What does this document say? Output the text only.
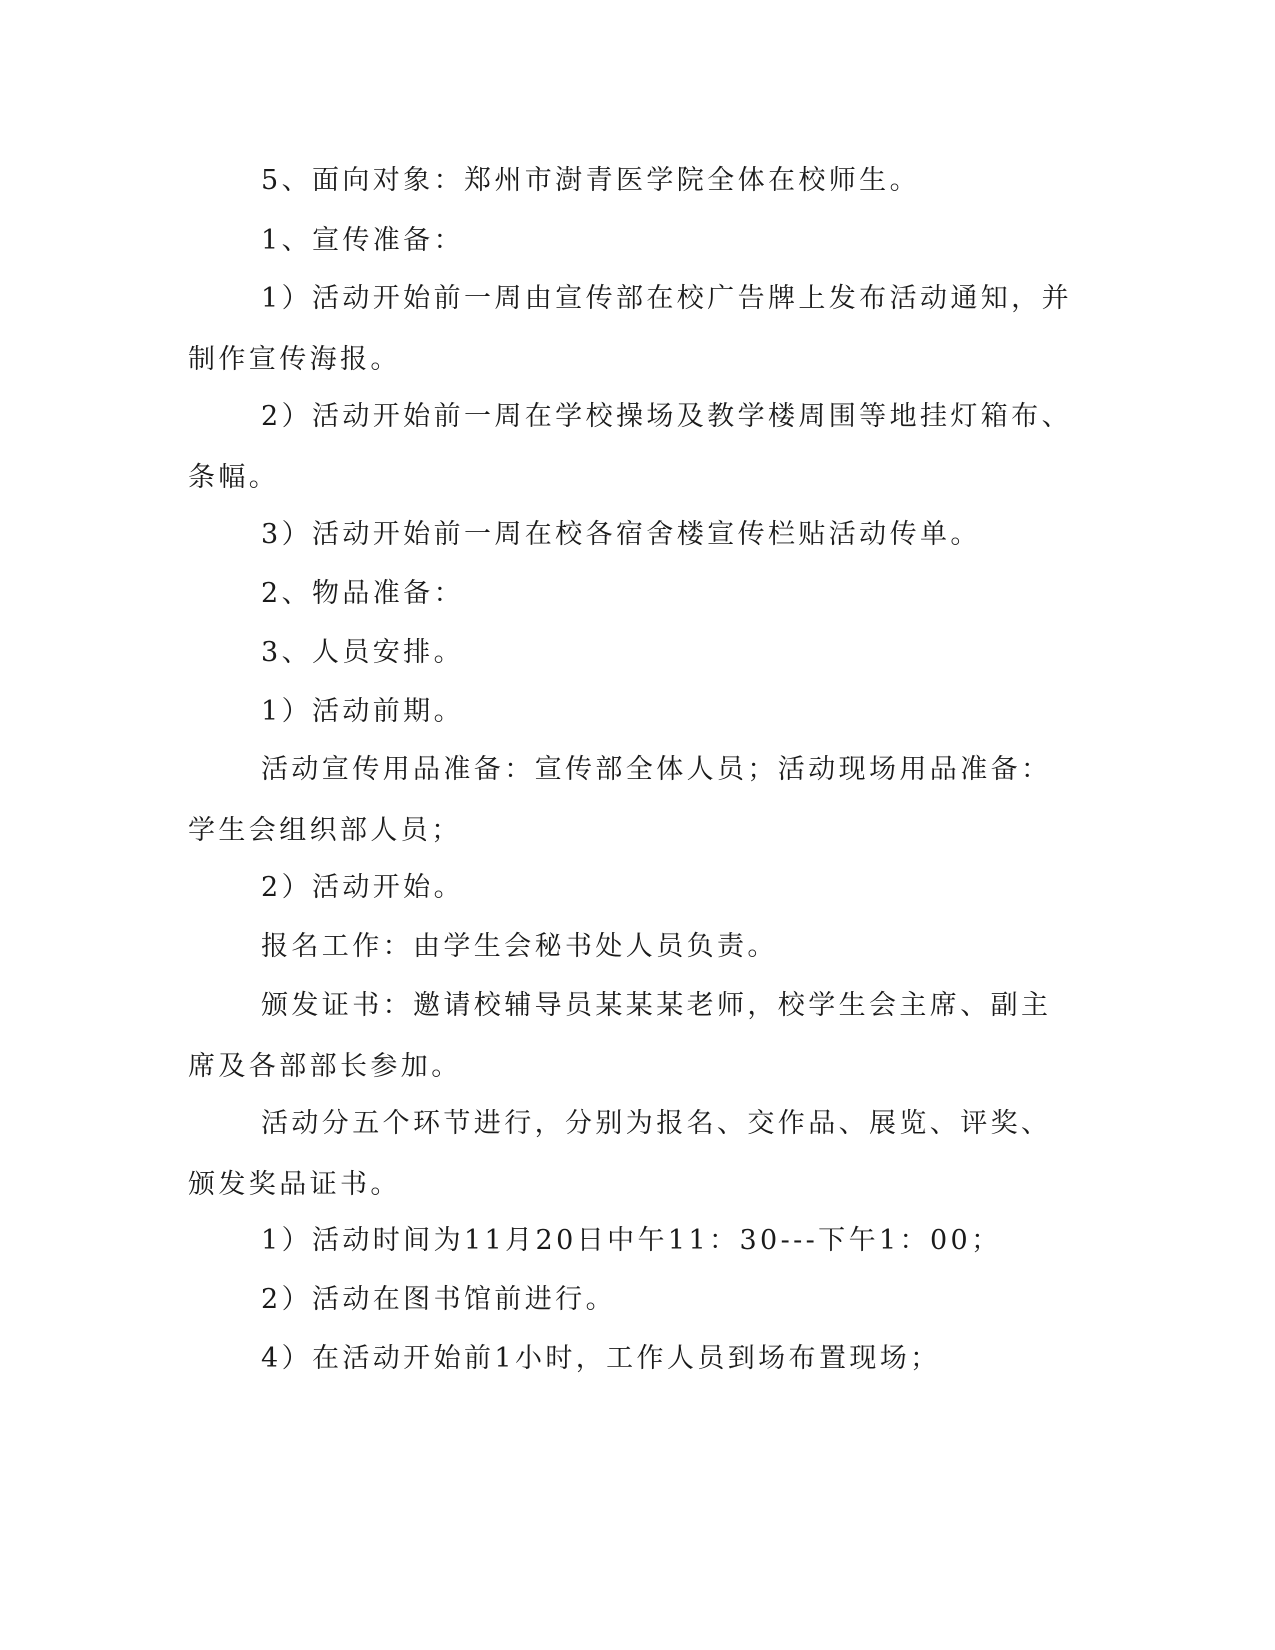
5、面向对象：郑州市澍青医学院全体在校师生。

1、宣传准备：

1）活动开始前一周由宣传部在校广告牌上发布活动通知，并制作宣传海报。

2）活动开始前一周在学校操场及教学楼周围等地挂灯箱布、条幅。

3）活动开始前一周在校各宿舍楼宣传栏贴活动传单。

2、物品准备：

3、人员安排。

1）活动前期。

活动宣传用品准备：宣传部全体人员；活动现场用品准备：学生会组织部人员；

2）活动开始。

报名工作：由学生会秘书处人员负责。

颁发证书：邀请校辅导员某某某老师，校学生会主席、副主席及各部部长参加。

活动分五个环节进行，分别为报名、交作品、展览、评奖、颁发奖品证书。

1）活动时间为11月20日中午11：30---下午1：00；

2）活动在图书馆前进行。

4）在活动开始前1小时，工作人员到场布置现场；
